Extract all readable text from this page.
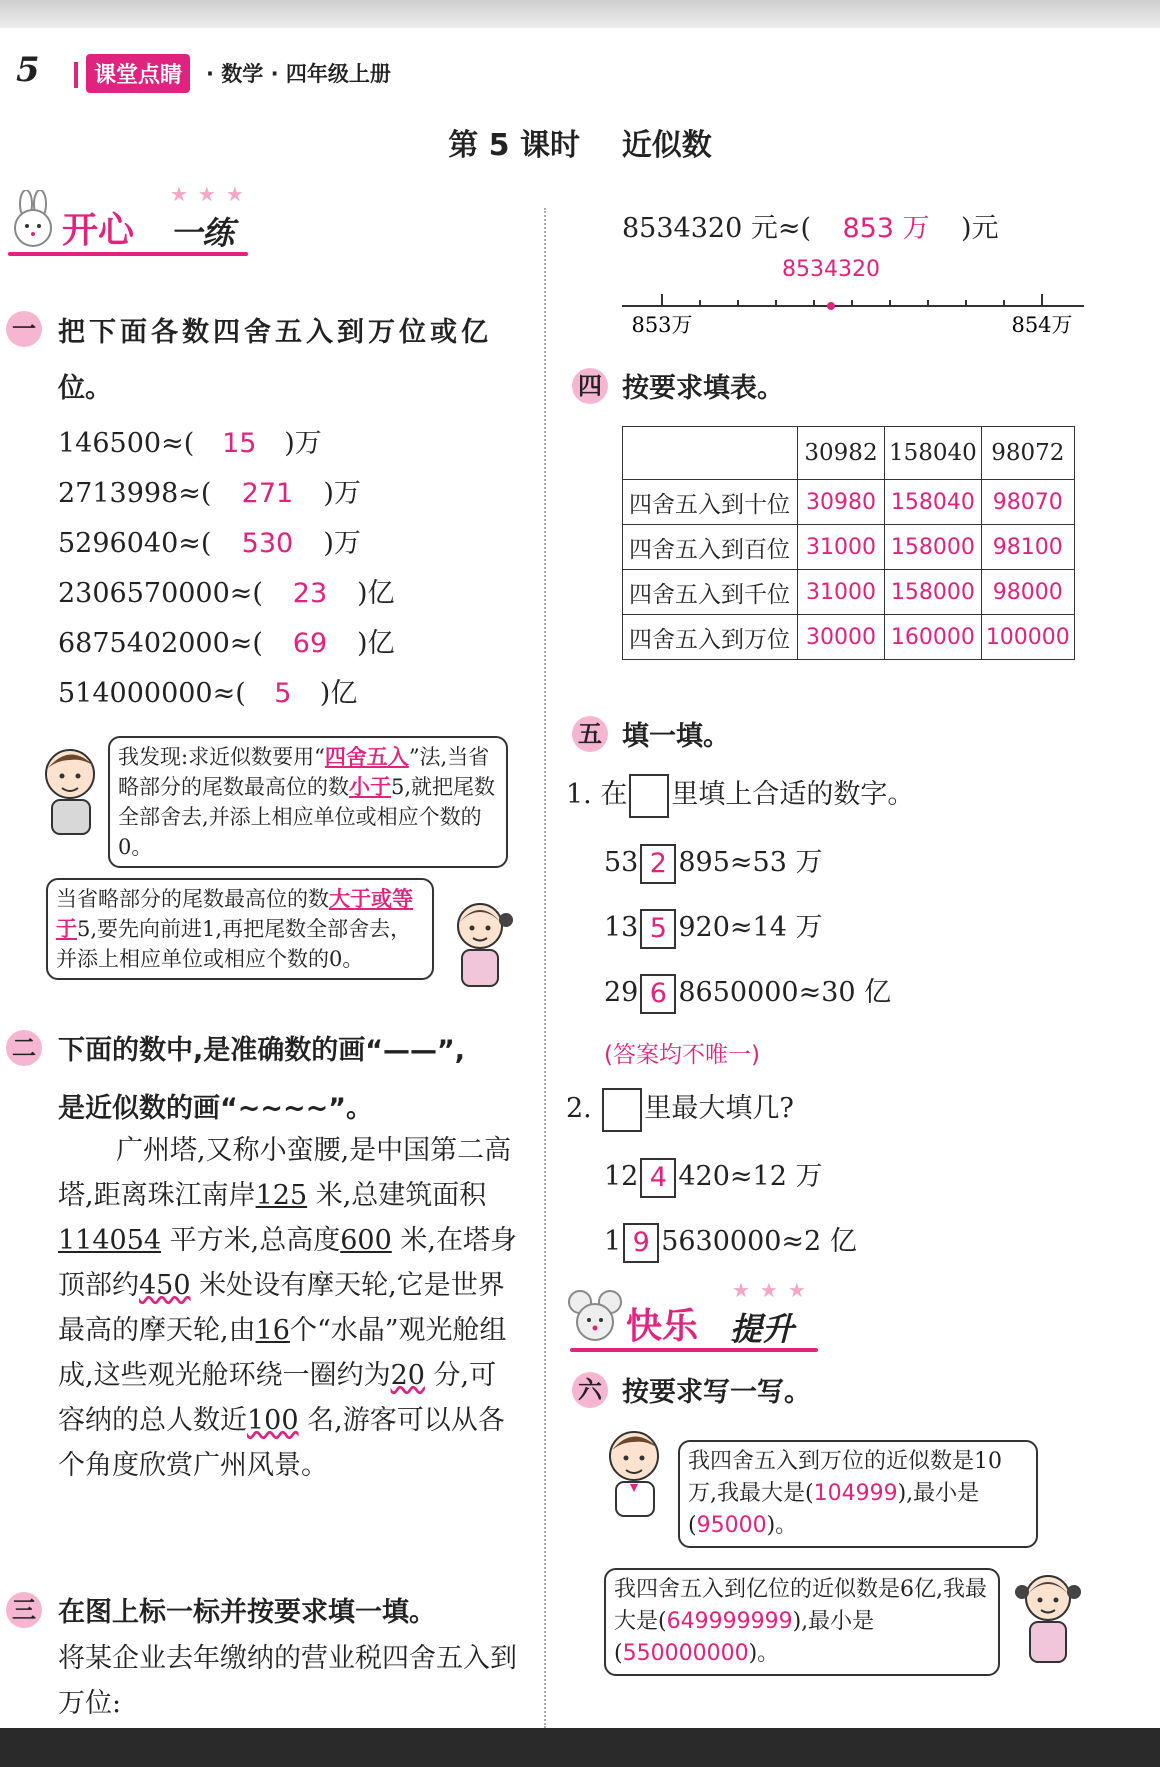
5	课堂点睛	· 数学 · 四年级上册
第 5 课时    近似数
★★★
开心 一练
一 把下面各数四舍五入到万位或亿
位。
146500≈( 15 )万
2713998≈( 271 )万
5296040≈( 530 )万
2306570000≈( 23 )亿
6875402000≈( 69 )亿
514000000≈( 5 )亿
我发现:求近似数要用“四舍五入”法,当省略部分的尾数最高位的数小于5,就把尾数全部舍去,并添上相应单位或相应个数的0。
当省略部分的尾数最高位的数大于或等于5,要先向前进1,再把尾数全部舍去，并添上相应单位或相应个数的0。
二 下面的数中,是准确数的画“——”,
是近似数的画“~~~~”。
广州塔,又称小蛮腰,是中国第二高塔,距离珠江南岸125 米,总建筑面积114054 平方米,总高度600 米,在塔身顶部约450 米处设有摩天轮,它是世界最高的摩天轮,由16个“水晶”观光舱组成,这些观光舱环绕一圈约为20 分,可容纳的总人数近100 名,游客可以从各个角度欣赏广州风景。
三 在图上标一标并按要求填一填。
将某企业去年缴纳的营业税四舍五入到万位:
8534320 元≈( 853 万 )元
8534320
853万	854万
四 按要求填表。
	30982	158040	98072
四舍五入到十位	30980	158040	98070
四舍五入到百位	31000	158000	98100
四舍五入到千位	31000	158000	98000
四舍五入到万位	30000	160000	100000
五 填一填。
1. 在 里填上合适的数字。
53 2 895≈53 万
13 5 920≈14 万
29 6 8650000≈30 亿
(答案均不唯一)
2. 里最大填几?
12 4 420≈12 万
1 9 5630000≈2 亿
★★★
快乐 提升
六 按要求写一写。
我四舍五入到万位的近似数是10万,我最大是(104999),最小是(95000)。
我四舍五入到亿位的近似数是6亿,我最大是(649999999),最小是(550000000)。
